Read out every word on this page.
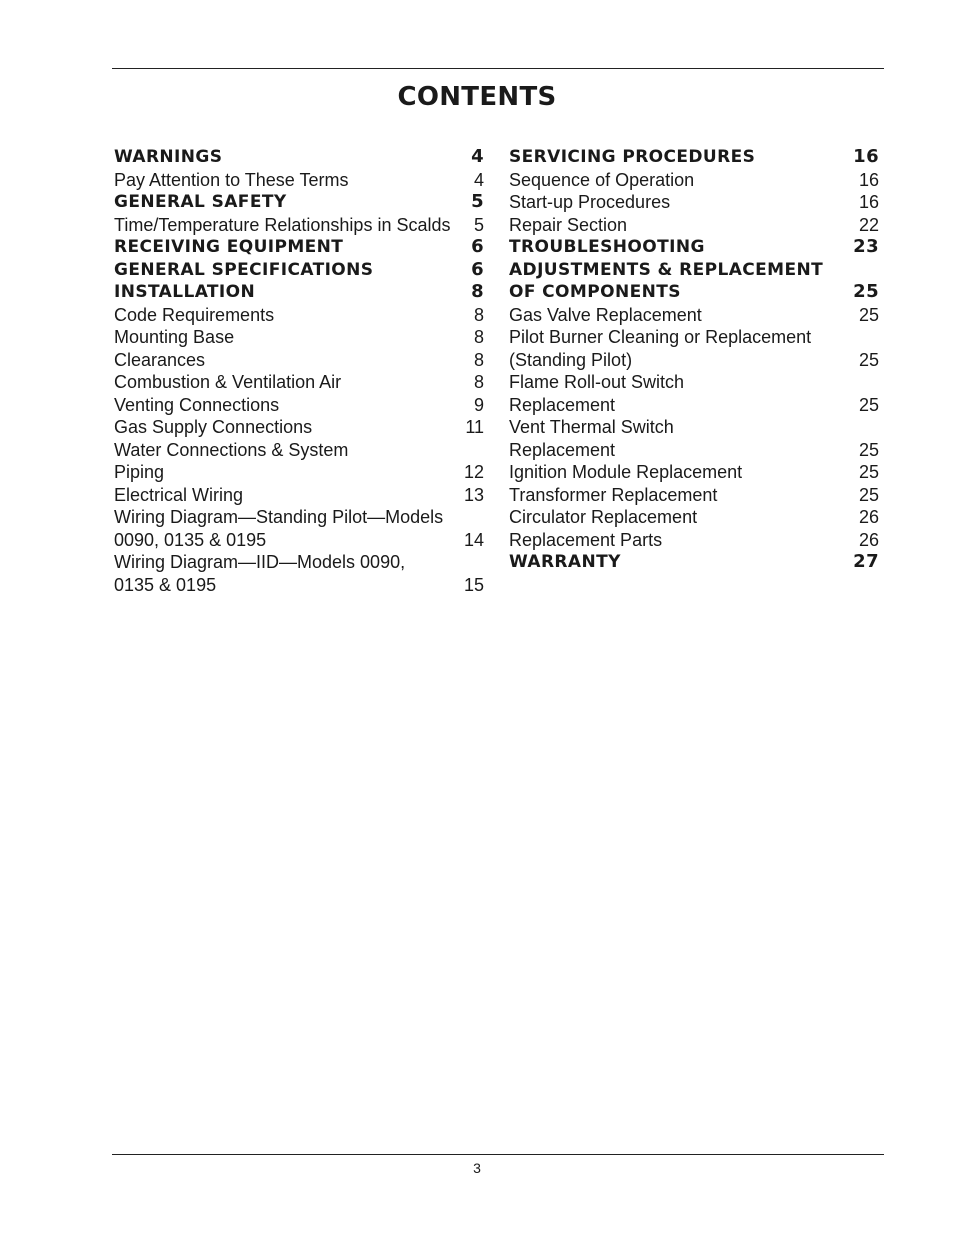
CONTENTS
WARNINGS	4
Pay Attention to These Terms	4
GENERAL SAFETY	5
Time/Temperature Relationships in Scalds 5
RECEIVING EQUIPMENT	6
GENERAL SPECIFICATIONS	6
INSTALLATION	8
Code Requirements	8
Mounting Base	8
Clearances	8
Combustion & Ventilation Air	8
Venting Connections	9
Gas Supply Connections	11
Water Connections & System
Piping	12
Electrical Wiring	13
Wiring Diagram—Standing Pilot—Models
0090, 0135 & 0195	14
Wiring Diagram—IID—Models 0090,
0135 & 0195	15
SERVICING PROCEDURES	16
Sequence of Operation	16
Start-up Procedures	16
Repair Section	22
TROUBLESHOOTING	23
ADJUSTMENTS & REPLACEMENT
OF COMPONENTS	25
Gas Valve Replacement	25
Pilot Burner Cleaning or Replacement
(Standing Pilot)	25
Flame Roll-out Switch
Replacement	25
Vent Thermal Switch
Replacement	25
Ignition Module Replacement	25
Transformer Replacement	25
Circulator Replacement	26
Replacement Parts	26
WARRANTY	27
3
